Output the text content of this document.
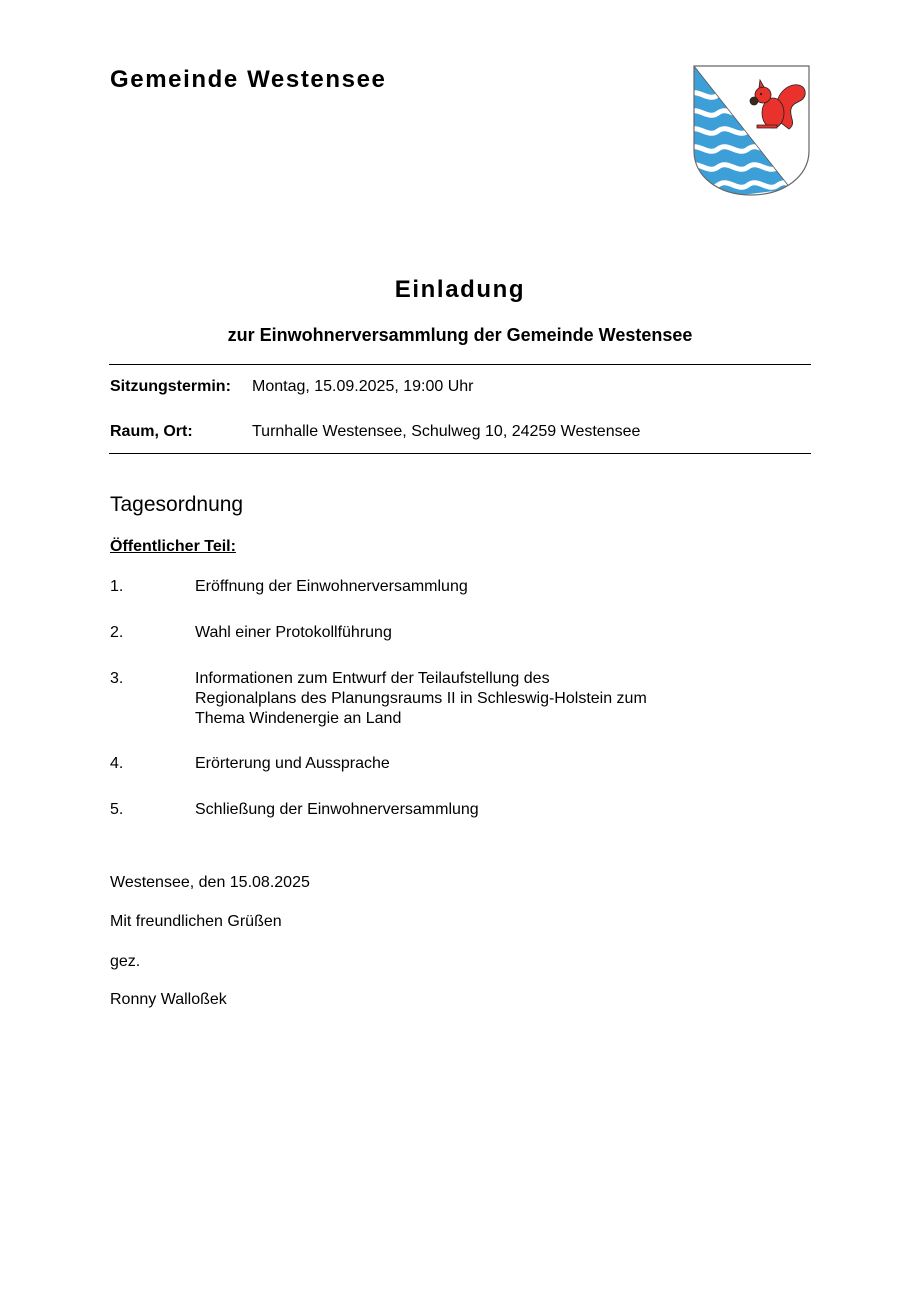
Gemeinde Westensee
Einladung
zur Einwohnerversammlung der Gemeinde Westensee
Sitzungstermin: Montag, 15.09.2025, 19:00 Uhr
Raum, Ort:	Turnhalle Westensee, Schulweg 10, 24259 Westensee
Tagesordnung
Öffentlicher Teil:
1.	Eröffnung der Einwohnerversammlung
2.	Wahl einer Protokollführung
3.	Informationen zum Entwurf der Teilaufstellung des
Regionalplans des Planungsraums II in Schleswig-Holstein zum
Thema Windenergie an Land
4.	Erörterung und Aussprache
5.	Schließung der Einwohnerversammlung
Westensee, den 15.08.2025
Mit freundlichen Grüßen
gez.
Ronny Walloßek
